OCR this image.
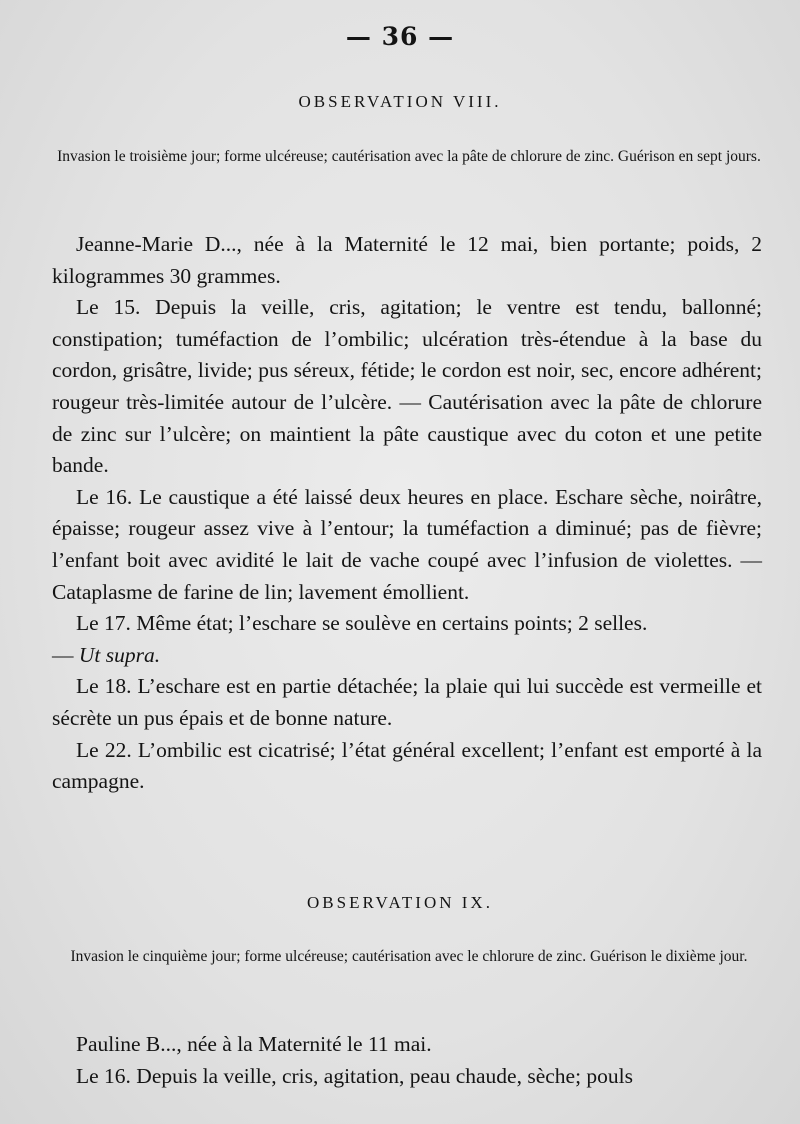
— 36 —
OBSERVATION VIII.
Invasion le troisième jour; forme ulcéreuse; cautérisation avec la pâte de chlorure de zinc. Guérison en sept jours.

Jeanne-Marie D..., née à la Maternité le 12 mai, bien portante; poids, 2 kilogrammes 30 grammes.

Le 15. Depuis la veille, cris, agitation; le ventre est tendu, ballonné; constipation; tuméfaction de l’ombilic; ulcération très-étendue à la base du cordon, grisâtre, livide; pus séreux, fétide; le cordon est noir, sec, encore adhérent; rougeur très-limitée autour de l’ulcère. — Cautérisation avec la pâte de chlorure de zinc sur l’ulcère; on maintient la pâte caustique avec du coton et une petite bande.

Le 16. Le caustique a été laissé deux heures en place. Eschare sèche, noirâtre, épaisse; rougeur assez vive à l’entour; la tuméfaction a diminué; pas de fièvre; l’enfant boit avec avidité le lait de vache coupé avec l’infusion de violettes. — Cataplasme de farine de lin; lavement émollient.

Le 17. Même état; l’eschare se soulève en certains points; 2 selles.

— Ut supra.

Le 18. L’eschare est en partie détachée; la plaie qui lui succède est vermeille et sécrète un pus épais et de bonne nature.

Le 22. L’ombilic est cicatrisé; l’état général excellent; l’enfant est emporté à la campagne.

OBSERVATION IX.
Invasion le cinquième jour; forme ulcéreuse; cautérisation avec le chlorure de zinc. Guérison le dixième jour.

Pauline B..., née à la Maternité le 11 mai.

Le 16. Depuis la veille, cris, agitation, peau chaude, sèche; pouls
